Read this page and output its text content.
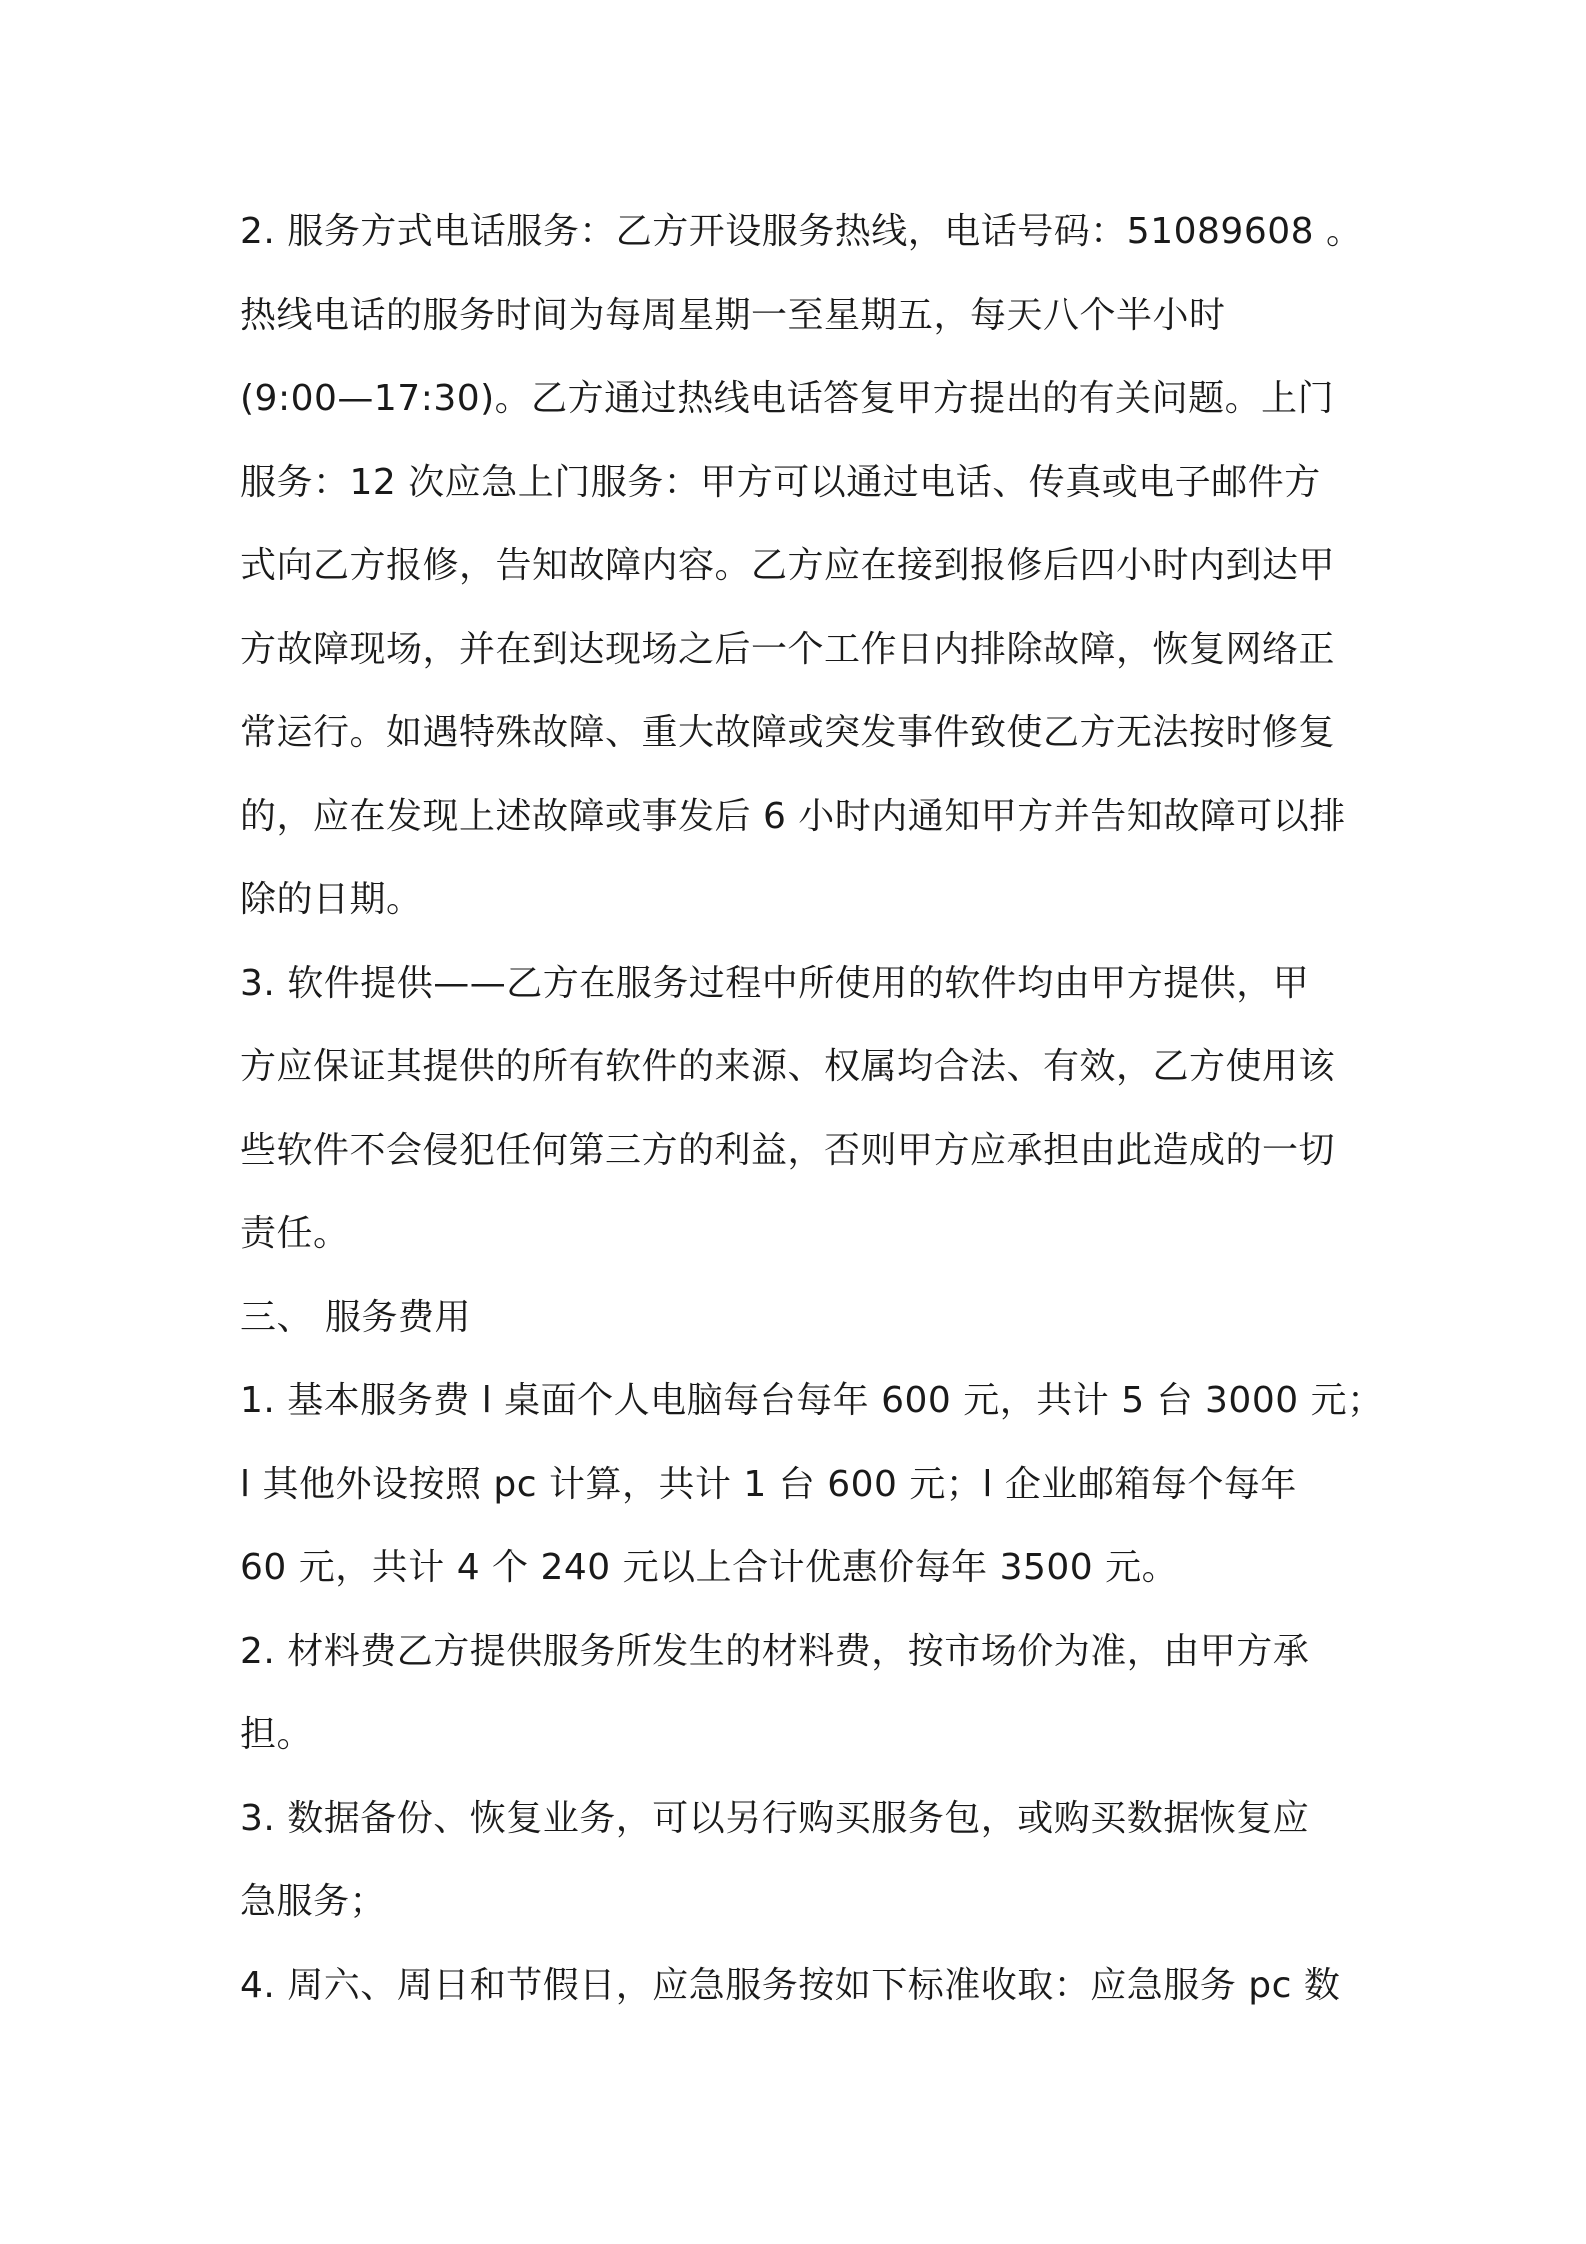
2. 服务方式电话服务：乙方开设服务热线，电话号码：51089608 。
热线电话的服务时间为每周星期一至星期五，每天八个半小时
(9:00—17:30)。乙方通过热线电话答复甲方提出的有关问题。上门
服务：12 次应急上门服务：甲方可以通过电话、传真或电子邮件方
式向乙方报修，告知故障内容。乙方应在接到报修后四小时内到达甲
方故障现场，并在到达现场之后一个工作日内排除故障，恢复网络正
常运行。如遇特殊故障、重大故障或突发事件致使乙方无法按时修复
的，应在发现上述故障或事发后 6 小时内通知甲方并告知故障可以排
除的日期。
3. 软件提供——乙方在服务过程中所使用的软件均由甲方提供，甲
方应保证其提供的所有软件的来源、权属均合法、有效，乙方使用该
些软件不会侵犯任何第三方的利益，否则甲方应承担由此造成的一切
责任。
三、 服务费用
1. 基本服务费 l 桌面个人电脑每台每年 600 元，共计 5 台 3000 元；
l 其他外设按照 pc 计算，共计 1 台 600 元；l 企业邮箱每个每年
60 元，共计 4 个 240 元以上合计优惠价每年 3500 元。
2. 材料费乙方提供服务所发生的材料费，按市场价为准，由甲方承
担。
3. 数据备份、恢复业务，可以另行购买服务包，或购买数据恢复应
急服务；
4. 周六、周日和节假日，应急服务按如下标准收取：应急服务 pc 数
